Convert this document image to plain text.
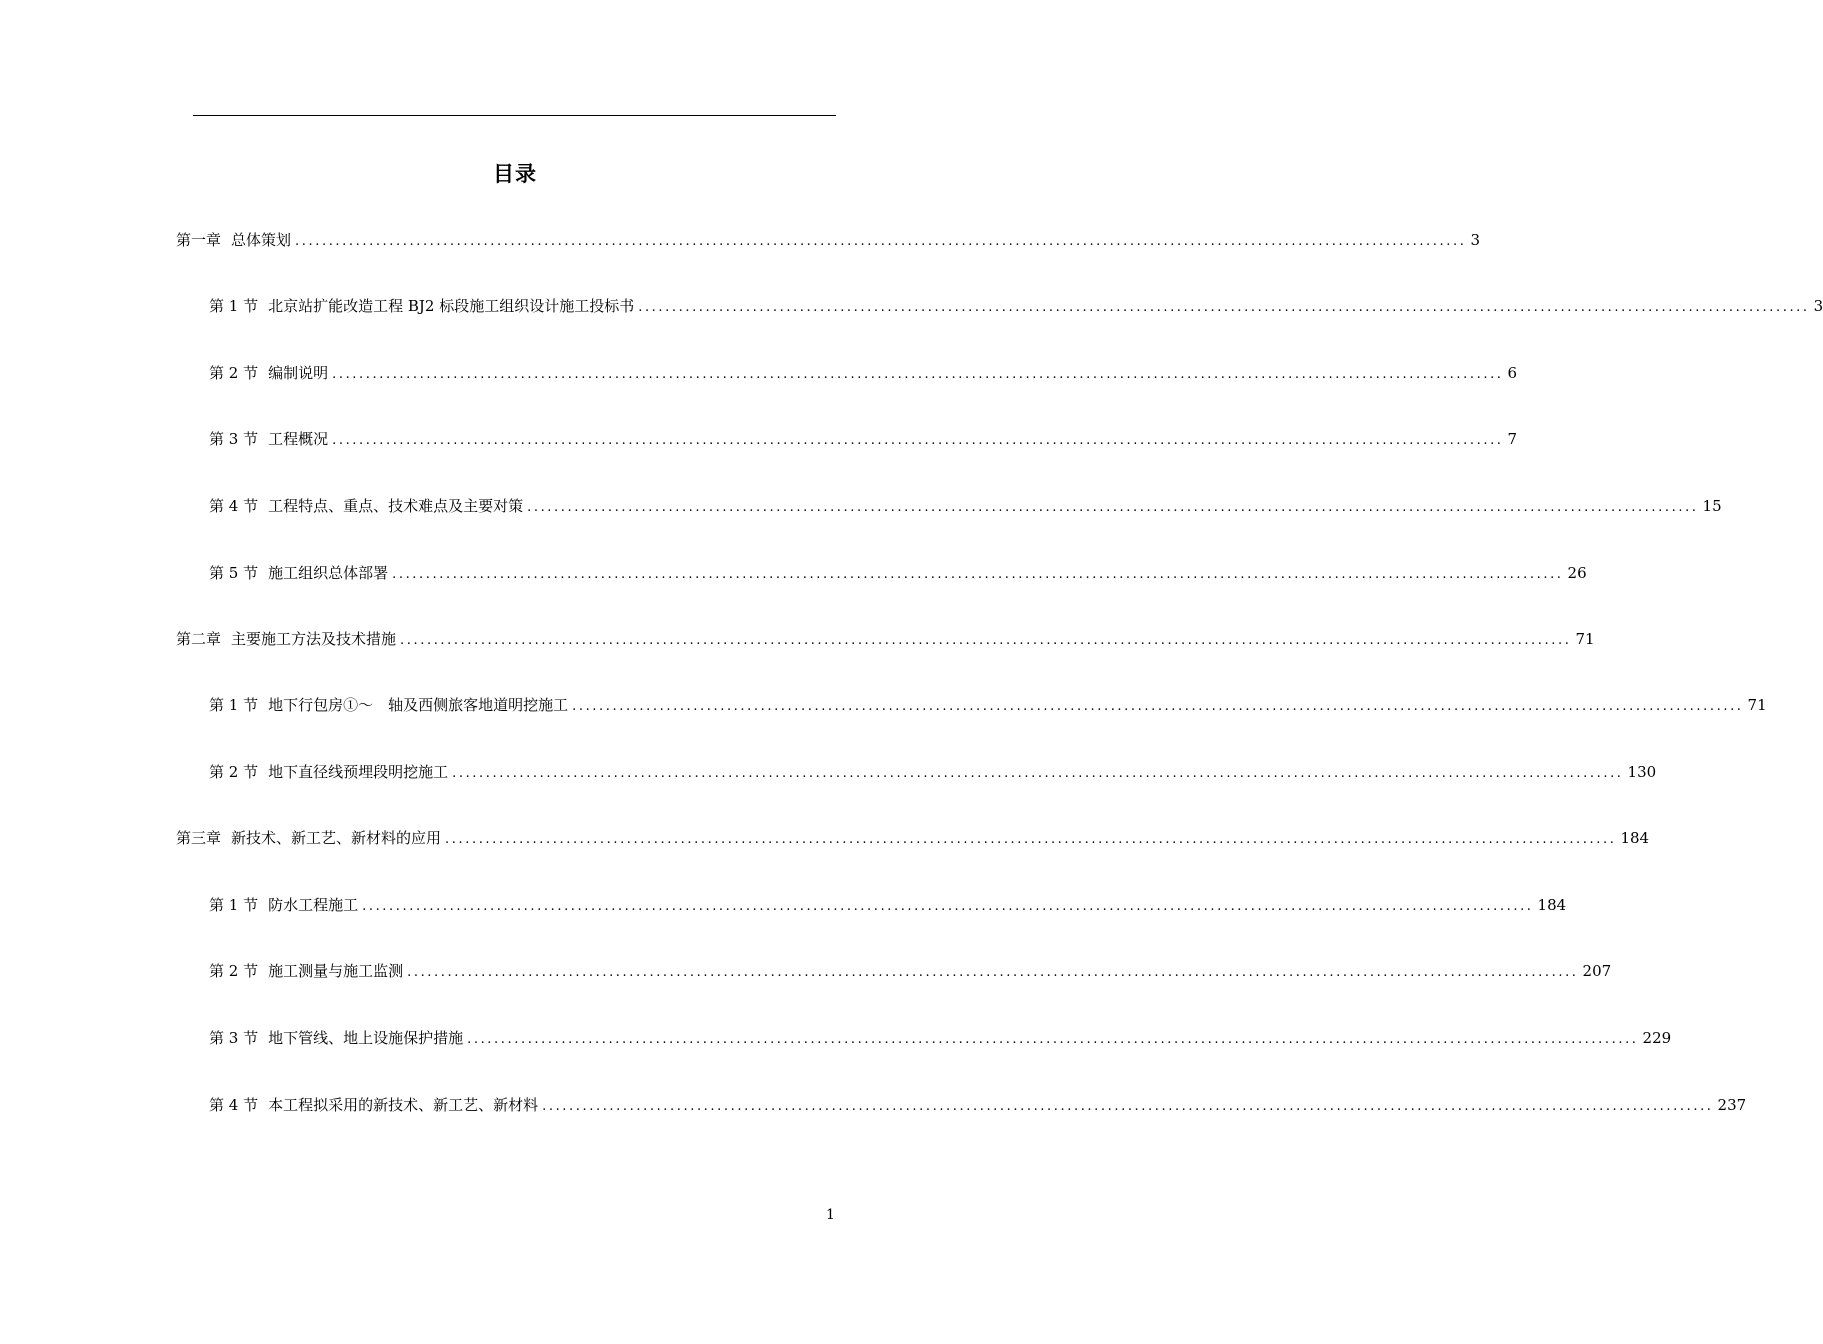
目录
第一章 总体策划 .............................................................................................................................................................................. 3
第 1 节 北京站扩能改造工程 BJ2 标段施工组织设计施工投标书 .............................................................................................................................................................................. 3
第 2 节 编制说明 .............................................................................................................................................................................. 6
第 3 节 工程概况 .............................................................................................................................................................................. 7
第 4 节 工程特点、重点、技术难点及主要对策 .............................................................................................................................................................................. 15
第 5 节 施工组织总体部署 .............................................................................................................................................................................. 26
第二章 主要施工方法及技术措施 .............................................................................................................................................................................. 71
第 1 节 地下行包房①～　轴及西侧旅客地道明挖施工 .............................................................................................................................................................................. 71
第 2 节 地下直径线预埋段明挖施工 .............................................................................................................................................................................. 130
第三章 新技术、新工艺、新材料的应用 .............................................................................................................................................................................. 184
第 1 节 防水工程施工 .............................................................................................................................................................................. 184
第 2 节 施工测量与施工监测 .............................................................................................................................................................................. 207
第 3 节 地下管线、地上设施保护措施 .............................................................................................................................................................................. 229
第 4 节 本工程拟采用的新技术、新工艺、新材料 .............................................................................................................................................................................. 237
1
